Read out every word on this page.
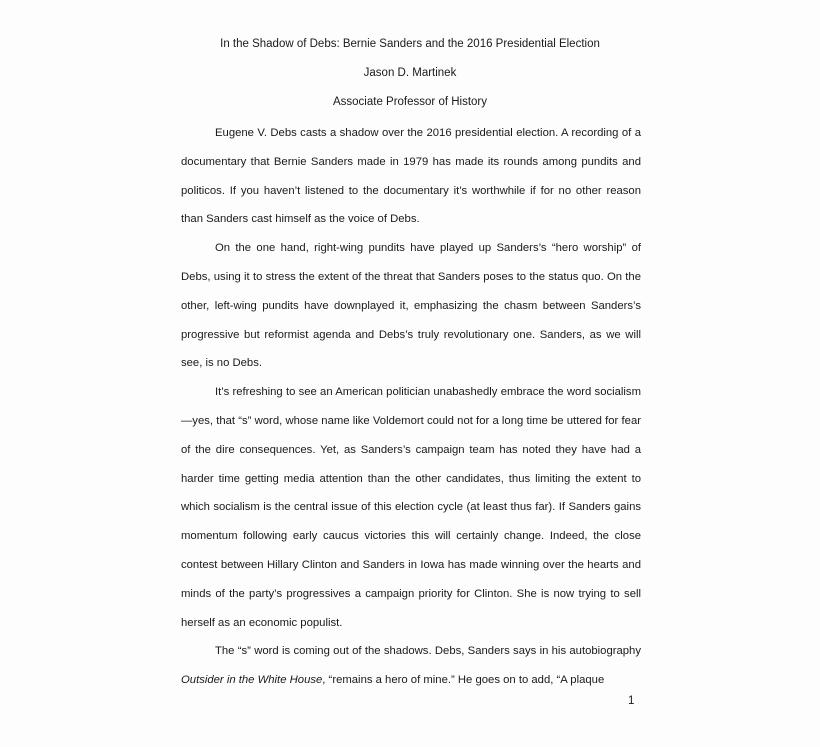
In the Shadow of Debs: Bernie Sanders and the 2016 Presidential Election
Jason D. Martinek
Associate Professor of History

Eugene V. Debs casts a shadow over the 2016 presidential election. A recording of a documentary that Bernie Sanders made in 1979 has made its rounds among pundits and politicos. If you haven’t listened to the documentary it’s worthwhile if for no other reason than Sanders cast himself as the voice of Debs.

On the one hand, right-wing pundits have played up Sanders’s “hero worship” of Debs, using it to stress the extent of the threat that Sanders poses to the status quo. On the other, left-wing pundits have downplayed it, emphasizing the chasm between Sanders’s progressive but reformist agenda and Debs’s truly revolutionary one. Sanders, as we will see, is no Debs.

It’s refreshing to see an American politician unabashedly embrace the word socialism—yes, that “s” word, whose name like Voldemort could not for a long time be uttered for fear of the dire consequences. Yet, as Sanders’s campaign team has noted they have had a harder time getting media attention than the other candidates, thus limiting the extent to which socialism is the central issue of this election cycle (at least thus far). If Sanders gains momentum following early caucus victories this will certainly change. Indeed, the close contest between Hillary Clinton and Sanders in Iowa has made winning over the hearts and minds of the party’s progressives a campaign priority for Clinton. She is now trying to sell herself as an economic populist.

The “s” word is coming out of the shadows. Debs, Sanders says in his autobiography Outsider in the White House, “remains a hero of mine.” He goes on to add, “A plaque

1
